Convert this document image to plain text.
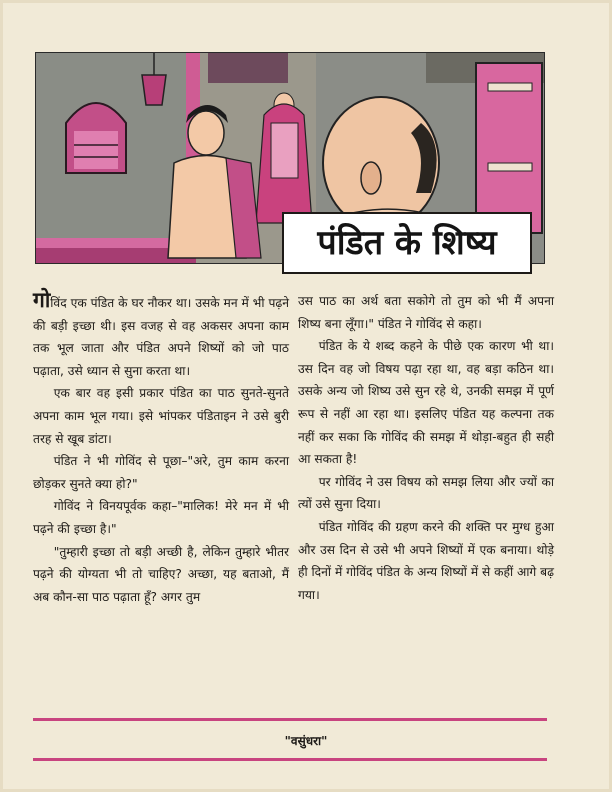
पंडित के शिष्य

गोविंद एक पंडित के घर नौकर था। उसके मन में भी पढ़ने की बड़ी इच्छा थी। इस वजह से वह अकसर अपना काम तक भूल जाता और पंडित अपने शिष्यों को जो पाठ पढ़ाता, उसे ध्यान से सुना करता था।

एक बार वह इसी प्रकार पंडित का पाठ सुनते-सुनते अपना काम भूल गया। इसे भांपकर पंडिताइन ने उसे बुरी तरह से खूब डांटा।

पंडित ने भी गोविंद से पूछा–"अरे, तुम काम करना छोड़कर सुनते क्या हो?"

गोविंद ने विनयपूर्वक कहा–"मालिक! मेरे मन में भी पढ़ने की इच्छा है।"

"तुम्हारी इच्छा तो बड़ी अच्छी है, लेकिन तुम्हारे भीतर पढ़ने की योग्यता भी तो चाहिए? अच्छा, यह बताओ, मैं अब कौन-सा पाठ पढ़ाता हूँ? अगर तुम

उस पाठ का अर्थ बता सकोगे तो तुम को भी मैं अपना शिष्य बना लूँगा।" पंडित ने गोविंद से कहा।

पंडित के ये शब्द कहने के पीछे एक कारण भी था। उस दिन वह जो विषय पढ़ा रहा था, वह बड़ा कठिन था। उसके अन्य जो शिष्य उसे सुन रहे थे, उनकी समझ में पूर्ण रूप से नहीं आ रहा था। इसलिए पंडित यह कल्पना तक नहीं कर सका कि गोविंद की समझ में थोड़ा-बहुत ही सही आ सकता है!

पर गोविंद ने उस विषय को समझ लिया और ज्यों का त्यों उसे सुना दिया।

पंडित गोविंद की ग्रहण करने की शक्ति पर मुग्ध हुआ और उस दिन से उसे भी अपने शिष्यों में एक बनाया। थोड़े ही दिनों में गोविंद पंडित के अन्य शिष्यों में से कहीं आगे बढ़ गया।

"वसुंधरा"
